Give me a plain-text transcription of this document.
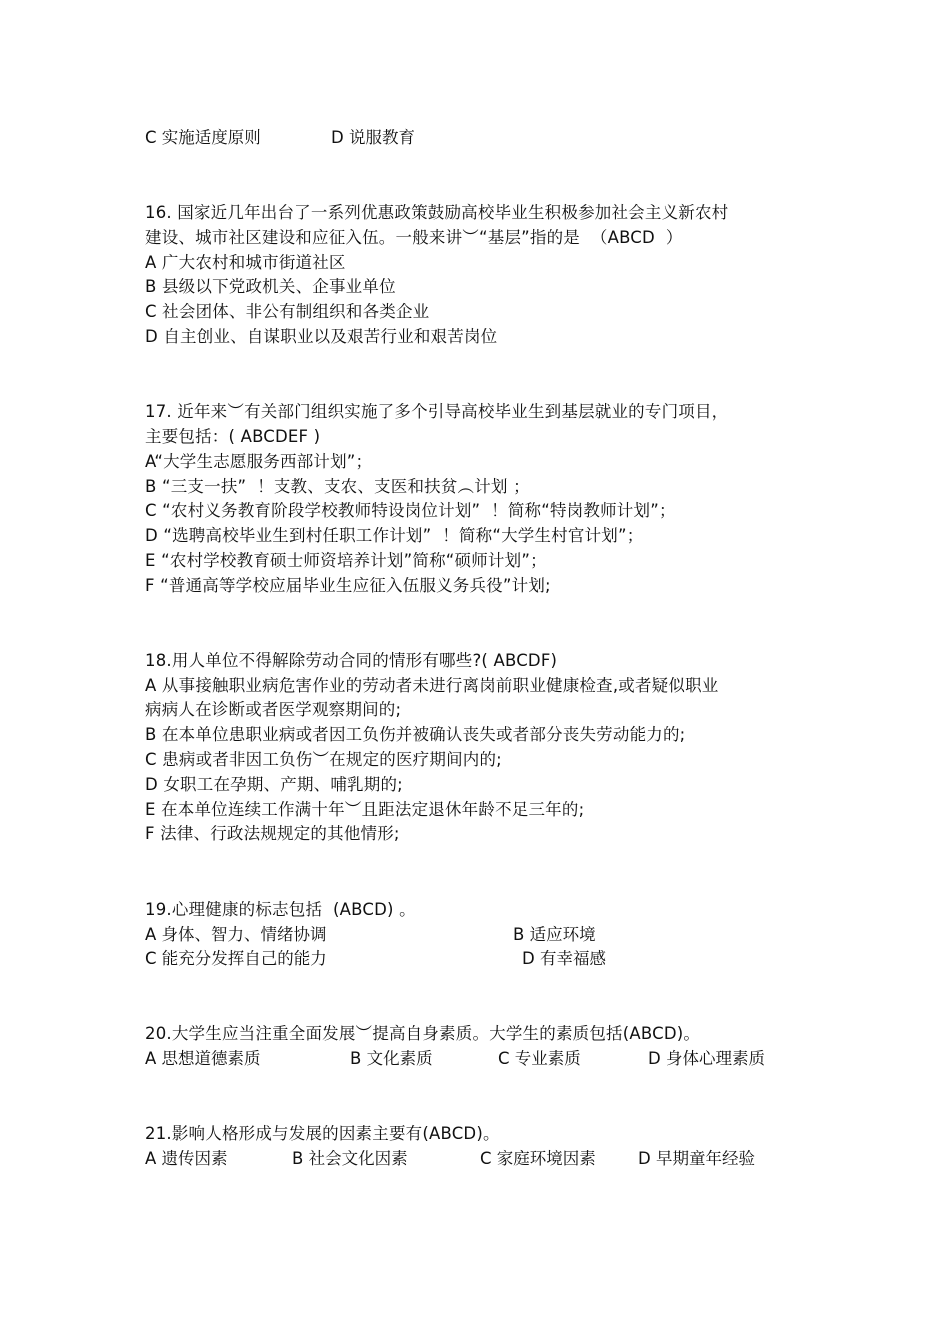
C 实施适度原则	D 说服教育
16. 国家近几年出台了一系列优惠政策鼓励高校毕业生积极参加社会主义新农村
建设、城市社区建设和应征入伍。一般来讲︶“基层”指的是  （ABCD  ）
A 广大农村和城市街道社区
B 县级以下党政机关、企事业单位
C 社会团体、非公有制组织和各类企业
D 自主创业、自谋职业以及艰苦行业和艰苦岗位
17. 近年来︶有关部门组织实施了多个引导高校毕业生到基层就业的专门项目，
主要包括：( ABCDEF )
A“大学生志愿服务西部计划”；
B “三支一扶”  ！支教、支农、支医和扶贫︵计划 ；
C “农村义务教育阶段学校教师特设岗位计划”  ！简称“特岗教师计划”；
D “选聘高校毕业生到村任职工作计划”  ！简称“大学生村官计划”；
E “农村学校教育硕士师资培养计划”简称“硕师计划”；
F “普通高等学校应届毕业生应征入伍服义务兵役”计划;
18.用人单位不得解除劳动合同的情形有哪些?( ABCDF)
A 从事接触职业病危害作业的劳动者未进行离岗前职业健康检查,或者疑似职业
病病人在诊断或者医学观察期间的;
B 在本单位患职业病或者因工负伤并被确认丧失或者部分丧失劳动能力的;
C 患病或者非因工负伤︶在规定的医疗期间内的;
D 女职工在孕期、产期、哺乳期的;
E 在本单位连续工作满十年︶且距法定退休年龄不足三年的;
F 法律、行政法规规定的其他情形;
19.心理健康的标志包括  (ABCD) 。
A 身体、智力、情绪协调	B 适应环境
C 能充分发挥自己的能力	D 有幸福感
20.大学生应当注重全面发展︶提高自身素质。大学生的素质包括(ABCD)。
A 思想道德素质	B 文化素质	C 专业素质	D 身体心理素质
21.影响人格形成与发展的因素主要有(ABCD)。
A 遗传因素	B 社会文化因素	C 家庭环境因素	D 早期童年经验
